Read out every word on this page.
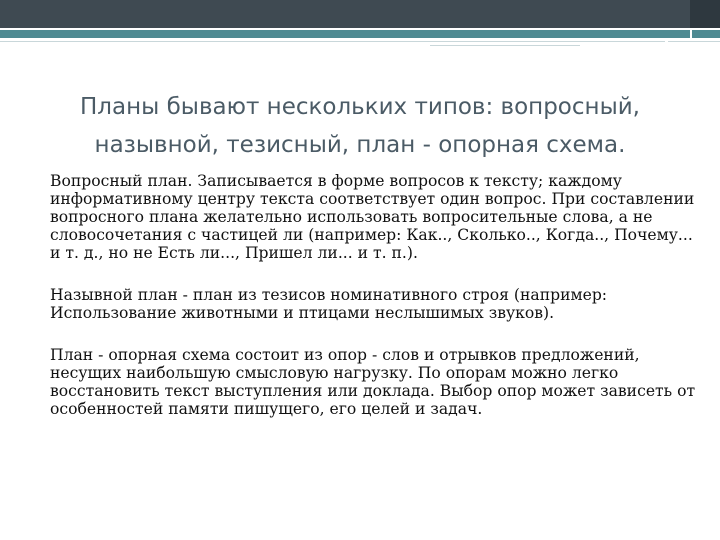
Планы бывают нескольких типов: вопросный, назывной, тезисный, план - опорная схема.

Вопросный план. Записывается в форме вопросов к тексту; каждому информативному центру текста соответствует один вопрос. При составлении вопросного плана желательно использовать вопросительные слова, а не словосочетания с частицей ли (например: Как.., Сколько.., Когда.., Почему... и т. д., но не Есть ли..., Пришел ли... и т. п.).

Назывной план - план из тезисов номинативного строя (например: Использование животными и птицами неслышимых звуков).

План - опорная схема состоит из опор - слов и отрывков предложений, несущих наибольшую смысловую нагрузку. По опорам можно легко восстановить текст выступления или доклада. Выбор опор может зависеть от особенностей памяти пишущего, его целей и задач.
